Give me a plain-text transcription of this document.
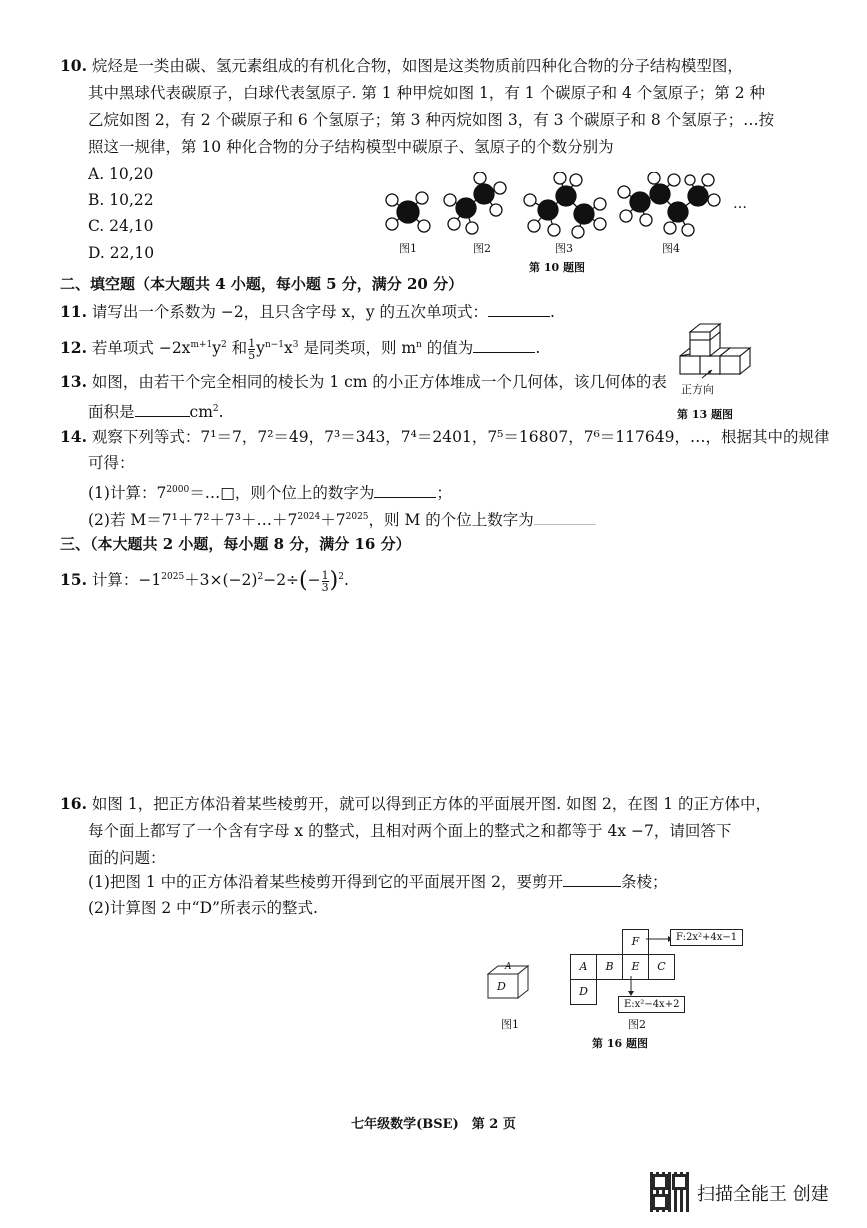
10. 烷烃是一类由碳、氢元素组成的有机化合物，如图是这类物质前四种化合物的分子结构模型图，
其中黑球代表碳原子，白球代表氢原子. 第 1 种甲烷如图 1，有 1 个碳原子和 4 个氢原子；第 2 种
乙烷如图 2，有 2 个碳原子和 6 个氢原子；第 3 种丙烷如图 3，有 3 个碳原子和 8 个氢原子；…按
照这一规律，第 10 种化合物的分子结构模型中碳原子、氢原子的个数分别为
A. 10,20
B. 10,22
C. 24,10
D. 22,10
…
图1	图2	图3	图4
第 10 题图
二、填空题（本大题共 4 小题，每小题 5 分，满分 20 分）
11. 请写出一个系数为 −2，且只含字母 x，y 的五次单项式：	.
12. 若单项式 $-2x^{m+1}y^2$ 和 $\frac{1}{5} y^{n-1}x^3$ 是同类项，则 $m^n$ 的值为	.
正方向
第 13 题图
13. 如图，由若干个完全相同的棱长为 1 cm 的小正方体堆成一个几何体，该几何体的表
面积是	$cm^2$.
14. 观察下列等式：7¹＝7，7²＝49，7³＝343，7⁴＝2401，7⁵＝16807，7⁶＝117649，…，根据其中的规律
可得：
(1)计算：$7^{2000}=\dots□$，则个位上的数字为	；
(2)若 $M=7^1+7^2+7^3+\dots+7^{2024}+7^{2025}$，则 M 的个位上数字为
三、（本大题共 2 小题，每小题 8 分，满分 16 分）
15. 计算：$-1^{2025}+3\times(-2)^2-2\div(- \frac{1}{3} )^2$.
16. 如图 1，把正方体沿着某些棱剪开，就可以得到正方体的平面展开图. 如图 2，在图 1 的正方体中，
每个面上都写了一个含有字母 x 的整式，且相对两个面上的整式之和都等于 4x −7，请回答下
面的问题：
(1)把图 1 中的正方体沿着某些棱剪开得到它的平面展开图 2，要剪开	条棱；
(2)计算图 2 中“D”所表示的整式.
A
D
图1
F
A	B	E	C
D
F:2x²+4x−1
E:x²−4x+2
图2
第 16 题图
七年级数学(BSE)　第 2 页
扫描全能王 创建
